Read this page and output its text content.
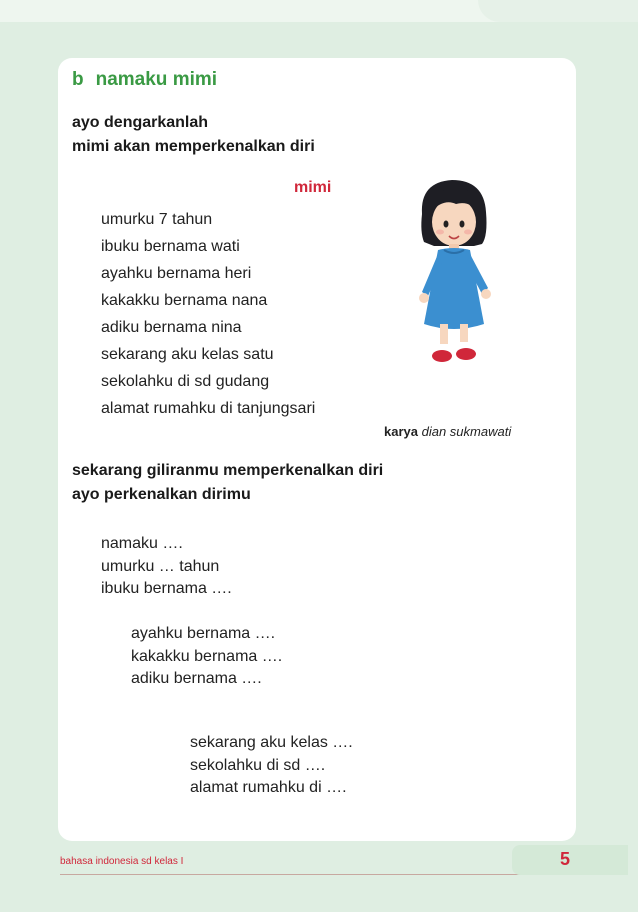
b namaku mimi
ayo dengarkanlah
mimi akan memperkenalkan diri
mimi
umurku 7 tahun
ibuku bernama wati
ayahku bernama heri
kakakku bernama nana
adiku bernama nina
sekarang aku kelas satu
sekolahku di sd gudang
alamat rumahku di tanjungsari
karya dian sukmawati
sekarang giliranmu memperkenalkan diri
ayo perkenalkan dirimu
namaku ….
umurku … tahun
ibuku bernama ….
ayahku bernama ….
kakakku bernama ….
adiku bernama ….
sekarang aku kelas ….
sekolahku di sd ….
alamat rumahku di ….
bahasa indonesia sd kelas I	5
